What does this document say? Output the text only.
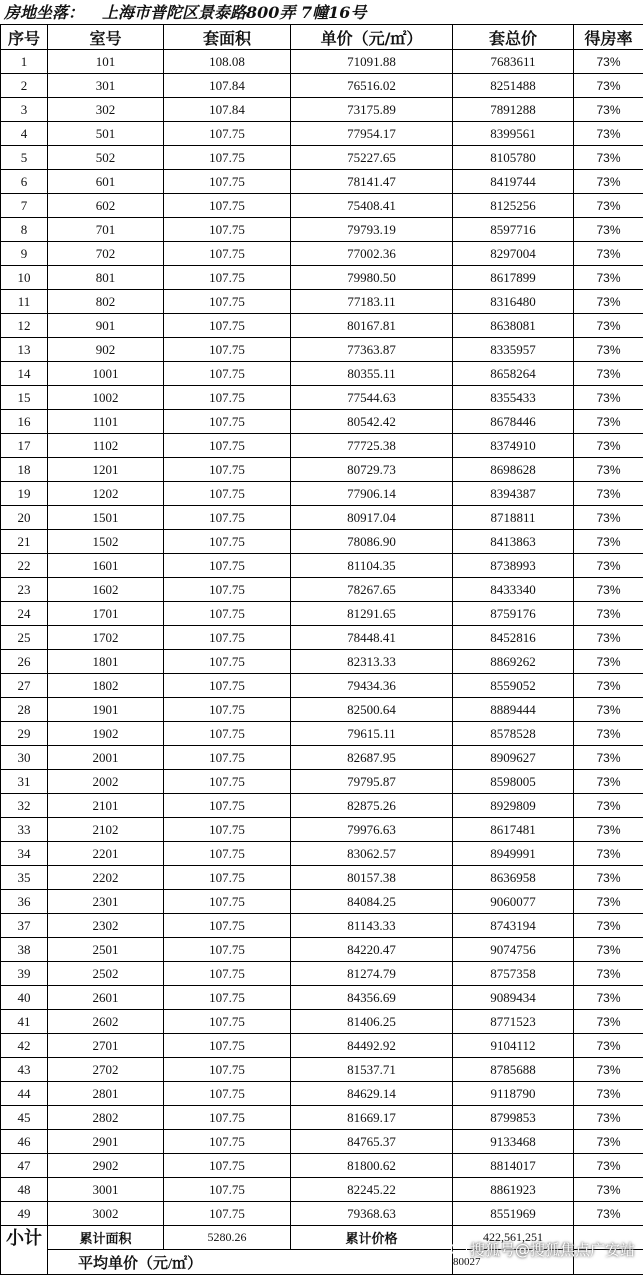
房地坐落： 上海市普陀区景泰路800弄 7幢16号
序号	室号	套面积	单价（元/㎡）	套总价	得房率
1	101	108.08	71091.88	7683611	73%
2	301	107.84	76516.02	8251488	73%
3	302	107.84	73175.89	7891288	73%
4	501	107.75	77954.17	8399561	73%
5	502	107.75	75227.65	8105780	73%
6	601	107.75	78141.47	8419744	73%
7	602	107.75	75408.41	8125256	73%
8	701	107.75	79793.19	8597716	73%
9	702	107.75	77002.36	8297004	73%
10	801	107.75	79980.50	8617899	73%
11	802	107.75	77183.11	8316480	73%
12	901	107.75	80167.81	8638081	73%
13	902	107.75	77363.87	8335957	73%
14	1001	107.75	80355.11	8658264	73%
15	1002	107.75	77544.63	8355433	73%
16	1101	107.75	80542.42	8678446	73%
17	1102	107.75	77725.38	8374910	73%
18	1201	107.75	80729.73	8698628	73%
19	1202	107.75	77906.14	8394387	73%
20	1501	107.75	80917.04	8718811	73%
21	1502	107.75	78086.90	8413863	73%
22	1601	107.75	81104.35	8738993	73%
23	1602	107.75	78267.65	8433340	73%
24	1701	107.75	81291.65	8759176	73%
25	1702	107.75	78448.41	8452816	73%
26	1801	107.75	82313.33	8869262	73%
27	1802	107.75	79434.36	8559052	73%
28	1901	107.75	82500.64	8889444	73%
29	1902	107.75	79615.11	8578528	73%
30	2001	107.75	82687.95	8909627	73%
31	2002	107.75	79795.87	8598005	73%
32	2101	107.75	82875.26	8929809	73%
33	2102	107.75	79976.63	8617481	73%
34	2201	107.75	83062.57	8949991	73%
35	2202	107.75	80157.38	8636958	73%
36	2301	107.75	84084.25	9060077	73%
37	2302	107.75	81143.33	8743194	73%
38	2501	107.75	84220.47	9074756	73%
39	2502	107.75	81274.79	8757358	73%
40	2601	107.75	84356.69	9089434	73%
41	2602	107.75	81406.25	8771523	73%
42	2701	107.75	84492.92	9104112	73%
43	2702	107.75	81537.71	8785688	73%
44	2801	107.75	84629.14	9118790	73%
45	2802	107.75	81669.17	8799853	73%
46	2901	107.75	84765.37	9133468	73%
47	2902	107.75	81800.62	8814017	73%
48	3001	107.75	82245.22	8861923	73%
49	3002	107.75	79368.63	8551969	73%
小计	累计面积	5280.26	累计价格	422,561,251	
	平均单价（元/㎡）			80027	
搜狐号@搜狐焦点广安站
